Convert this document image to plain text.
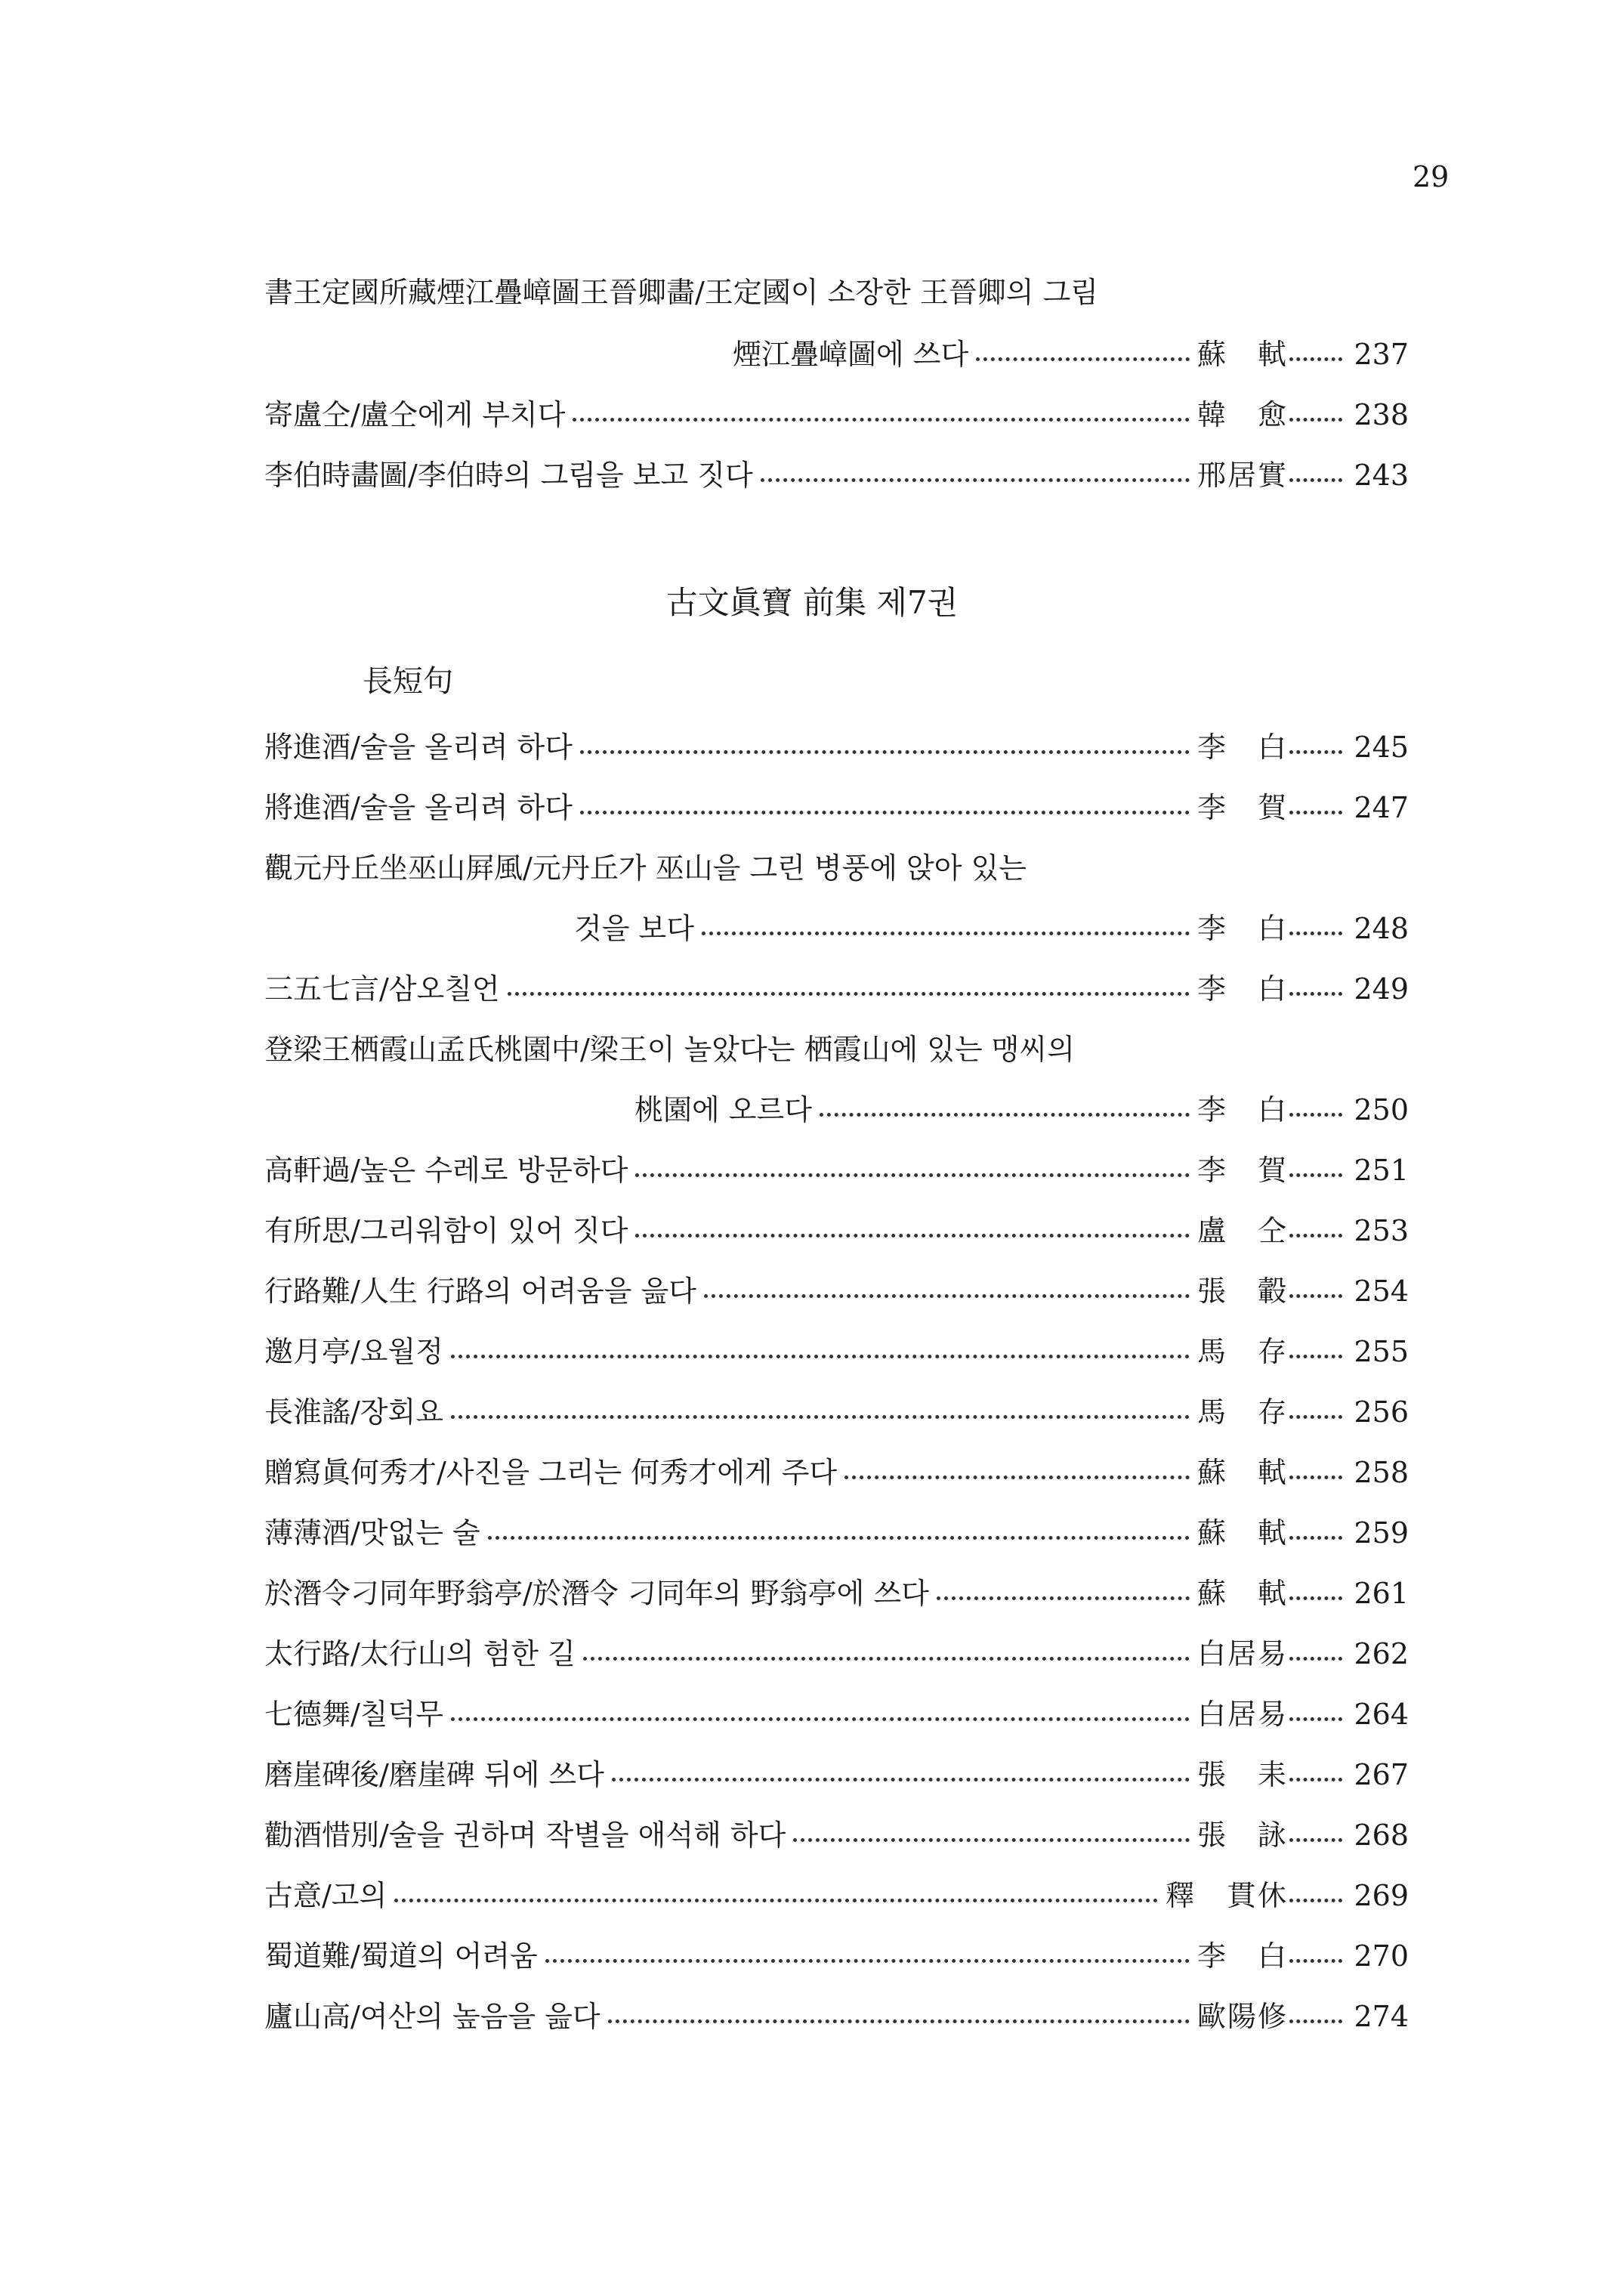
29
書王定國所藏煙江疊嶂圖王晉卿畵/王定國이 소장한 王晉卿의 그림
煙江疊嶂圖에 쓰다	蘇　軾	237
寄盧仝/盧仝에게 부치다	韓　愈	238
李伯時畵圖/李伯時의 그림을 보고 짓다	邢居實	243
古文眞寶 前集 제7권
長短句
將進酒/술을 올리려 하다	李　白	245
將進酒/술을 올리려 하다	李　賀	247
觀元丹丘坐巫山屛風/元丹丘가 巫山을 그린 병풍에 앉아 있는
것을 보다	李　白	248
三五七言/삼오칠언	李　白	249
登梁王栖霞山孟氏桃園中/梁王이 놀았다는 栖霞山에 있는 맹씨의
桃園에 오르다	李　白	250
高軒過/높은 수레로 방문하다	李　賀	251
有所思/그리워함이 있어 짓다	盧　仝	253
行路難/人生 行路의 어려움을 읊다	張　轂	254
邀月亭/요월정	馬　存	255
長淮謠/장회요	馬　存	256
贈寫眞何秀才/사진을 그리는 何秀才에게 주다	蘇　軾	258
薄薄酒/맛없는 술	蘇　軾	259
於潛令刁同年野翁亭/於潛令 刁同年의 野翁亭에 쓰다	蘇　軾	261
太行路/太行山의 험한 길	白居易	262
七德舞/칠덕무	白居易	264
磨崖碑後/磨崖碑 뒤에 쓰다	張　耒	267
勸酒惜別/술을 권하며 작별을 애석해 하다	張　詠	268
古意/고의	釋　貫休	269
蜀道難/蜀道의 어려움	李　白	270
廬山高/여산의 높음을 읊다	歐陽修	274
